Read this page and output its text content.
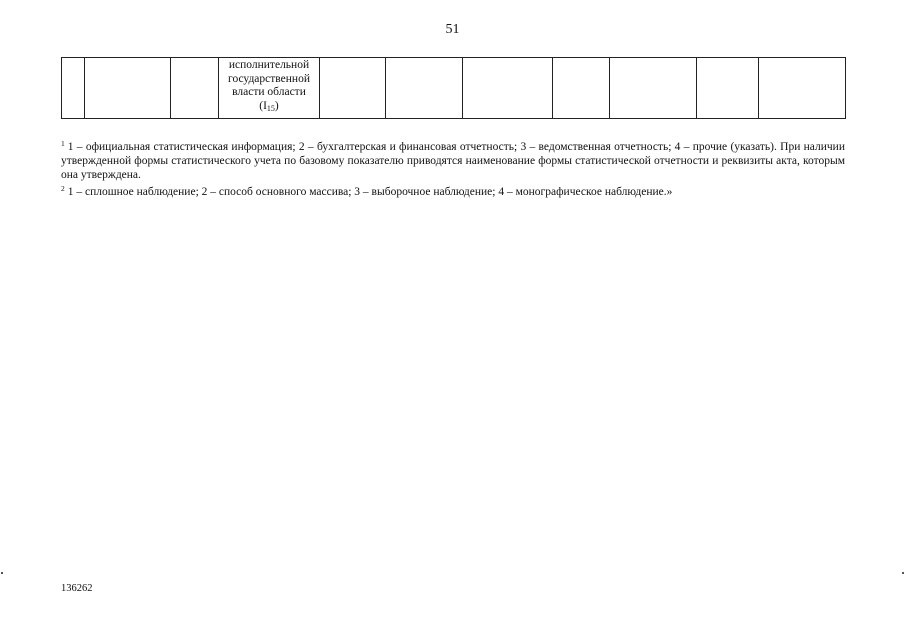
51

исполнительной
государственной
власти области
$(I_{15})$

$^1$ 1 – официальная статистическая информация; 2 – бухгалтерская и финансовая отчетность; 3 – ведомственная отчетность; 4 – прочие (указать). При наличии утвержденной формы статистического учета по базовому показателю приводятся наименование формы статистической отчетности и реквизиты акта, которым она утверждена.

$^2$ 1 – сплошное наблюдение; 2 – способ основного массива; 3 – выборочное наблюдение; 4 – монографическое наблюдение.»

136262
